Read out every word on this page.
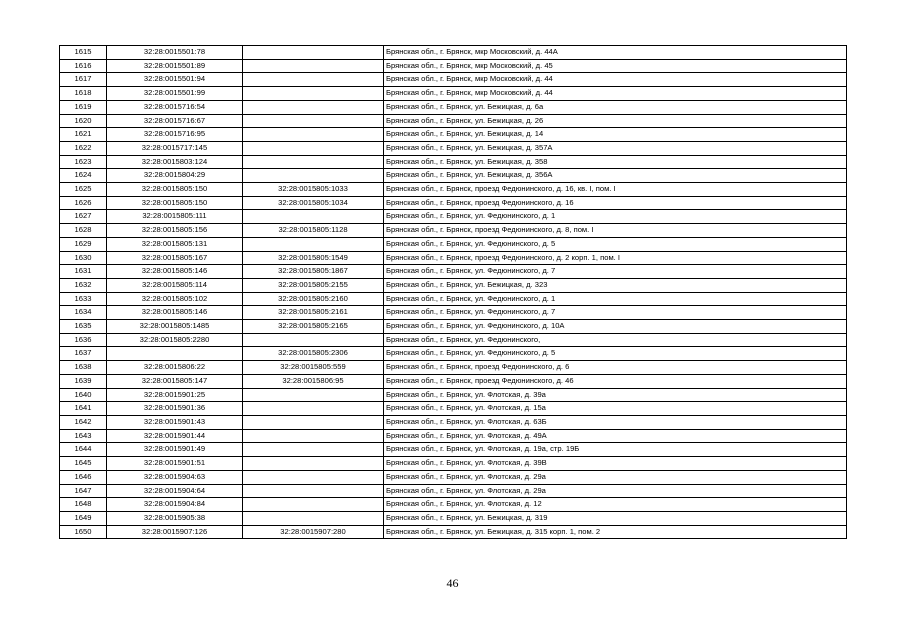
1615	32:28:0015501:78		Брянская обл., г. Брянск, мкр Московский, д. 44А
1616	32:28:0015501:89		Брянская обл., г. Брянск, мкр Московский, д. 45
1617	32:28:0015501:94		Брянская обл., г. Брянск, мкр Московский, д. 44
1618	32:28:0015501:99		Брянская обл., г. Брянск, мкр Московский, д. 44
1619	32:28:0015716:54		Брянская обл., г. Брянск, ул. Бежицкая, д. 6а
1620	32:28:0015716:67		Брянская обл., г. Брянск, ул. Бежицкая, д. 26
1621	32:28:0015716:95		Брянская обл., г. Брянск, ул. Бежицкая, д. 14
1622	32:28:0015717:145		Брянская обл., г. Брянск, ул. Бежицкая, д. 357А
1623	32:28:0015803:124		Брянская обл., г. Брянск, ул. Бежицкая, д. 358
1624	32:28:0015804:29		Брянская обл., г. Брянск, ул. Бежицкая, д. 356А
1625	32:28:0015805:150	32:28:0015805:1033	Брянская обл., г. Брянск, проезд Федюнинского, д. 16, кв. I, пом. I
1626	32:28:0015805:150	32:28:0015805:1034	Брянская обл., г. Брянск, проезд Федюнинского, д. 16
1627	32:28:0015805:111		Брянская обл., г. Брянск, ул. Федюнинского, д. 1
1628	32:28:0015805:156	32:28:0015805:1128	Брянская обл., г. Брянск, проезд Федюнинского, д. 8, пом. I
1629	32:28:0015805:131		Брянская обл., г. Брянск, ул. Федюнинского, д. 5
1630	32:28:0015805:167	32:28:0015805:1549	Брянская обл., г. Брянск, проезд Федюнинского, д. 2 корп. 1, пом. I
1631	32:28:0015805:146	32:28:0015805:1867	Брянская обл., г. Брянск, ул. Федюнинского, д. 7
1632	32:28:0015805:114	32:28:0015805:2155	Брянская обл., г. Брянск, ул. Бежицкая, д. 323
1633	32:28:0015805:102	32:28:0015805:2160	Брянская обл., г. Брянск, ул. Федюнинского, д. 1
1634	32:28:0015805:146	32:28:0015805:2161	Брянская обл., г. Брянск, ул. Федюнинского, д. 7
1635	32:28:0015805:1485	32:28:0015805:2165	Брянская обл., г. Брянск, ул. Федюнинского, д. 10А
1636	32:28:0015805:2280		Брянская обл., г. Брянск, ул. Федюнинского,
1637		32:28:0015805:2306	Брянская обл., г. Брянск, ул. Федюнинского, д. 5
1638	32:28:0015806:22	32:28:0015805:559	Брянская обл., г. Брянск, проезд Федюнинского, д. 6
1639	32:28:0015805:147	32:28:0015806:95	Брянская обл., г. Брянск, проезд Федюнинского, д. 46
1640	32:28:0015901:25		Брянская обл., г. Брянск, ул. Флотская, д. 39а
1641	32:28:0015901:36		Брянская обл., г. Брянск, ул. Флотская, д. 15а
1642	32:28:0015901:43		Брянская обл., г. Брянск, ул. Флотская, д. 63Б
1643	32:28:0015901:44		Брянская обл., г. Брянск, ул. Флотская, д. 49А
1644	32:28:0015901:49		Брянская обл., г. Брянск, ул. Флотская, д. 19а, стр. 19Б
1645	32:28:0015901:51		Брянская обл., г. Брянск, ул. Флотская, д. 39В
1646	32:28:0015904:63		Брянская обл., г. Брянск, ул. Флотская, д. 29а
1647	32:28:0015904:64		Брянская обл., г. Брянск, ул. Флотская, д. 29а
1648	32:28:0015904:84		Брянская обл., г. Брянск, ул. Флотская, д. 12
1649	32:28:0015905:38		Брянская обл., г. Брянск, ул. Бежицкая, д. 319
1650	32:28:0015907:126	32:28:0015907:280	Брянская обл., г. Брянск, ул. Бежицкая, д. 315 корп. 1, пом. 2
46
